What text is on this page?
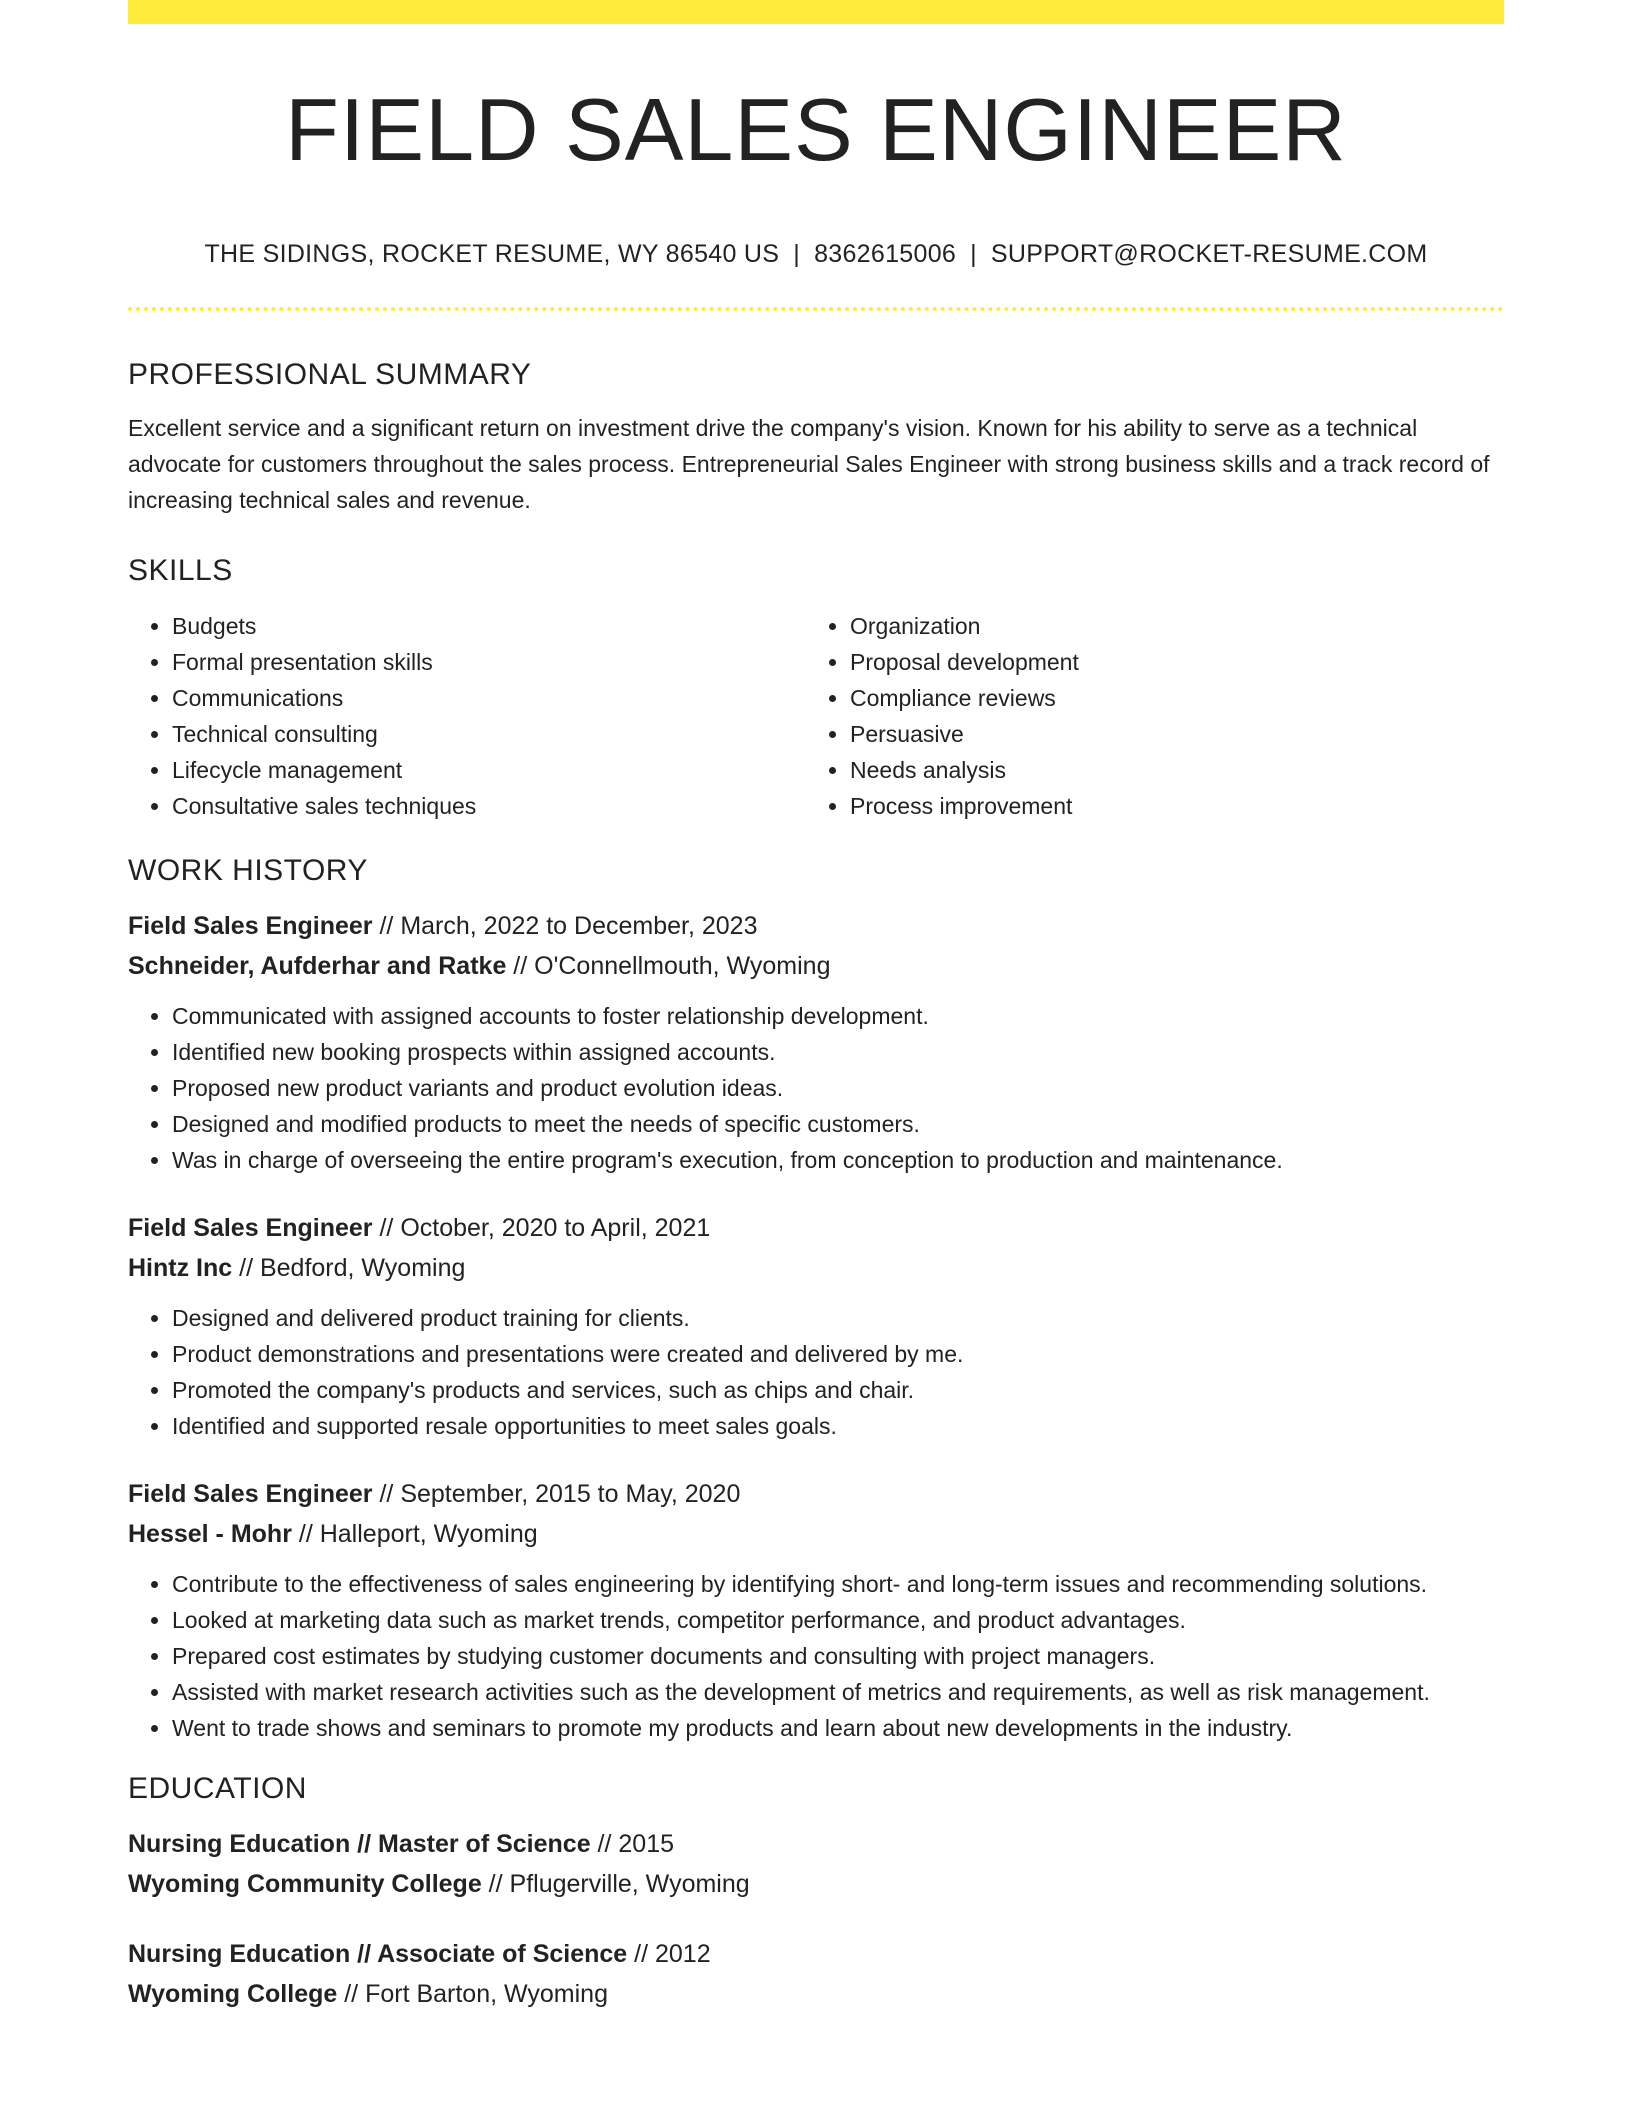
FIELD SALES ENGINEER
THE SIDINGS, ROCKET RESUME, WY 86540 US | 8362615006 | SUPPORT@ROCKET-RESUME.COM
PROFESSIONAL SUMMARY

Excellent service and a significant return on investment drive the company's vision. Known for his ability to serve as a technical advocate for customers throughout the sales process. Entrepreneurial Sales Engineer with strong business skills and a track record of increasing technical sales and revenue.

SKILLS
• Budgets
• Formal presentation skills
• Communications
• Technical consulting
• Lifecycle management
• Consultative sales techniques
• Organization
• Proposal development
• Compliance reviews
• Persuasive
• Needs analysis
• Process improvement
WORK HISTORY
Field Sales Engineer // March, 2022 to December, 2023
Schneider, Aufderhar and Ratke // O'Connellmouth, Wyoming
• Communicated with assigned accounts to foster relationship development.
• Identified new booking prospects within assigned accounts.
• Proposed new product variants and product evolution ideas.
• Designed and modified products to meet the needs of specific customers.
• Was in charge of overseeing the entire program's execution, from conception to production and maintenance.
Field Sales Engineer // October, 2020 to April, 2021
Hintz Inc // Bedford, Wyoming
• Designed and delivered product training for clients.
• Product demonstrations and presentations were created and delivered by me.
• Promoted the company's products and services, such as chips and chair.
• Identified and supported resale opportunities to meet sales goals.
Field Sales Engineer // September, 2015 to May, 2020
Hessel - Mohr // Halleport, Wyoming
• Contribute to the effectiveness of sales engineering by identifying short- and long-term issues and recommending solutions.
• Looked at marketing data such as market trends, competitor performance, and product advantages.
• Prepared cost estimates by studying customer documents and consulting with project managers.
• Assisted with market research activities such as the development of metrics and requirements, as well as risk management.
• Went to trade shows and seminars to promote my products and learn about new developments in the industry.
EDUCATION
Nursing Education // Master of Science // 2015
Wyoming Community College // Pflugerville, Wyoming
Nursing Education // Associate of Science // 2012
Wyoming College // Fort Barton, Wyoming
